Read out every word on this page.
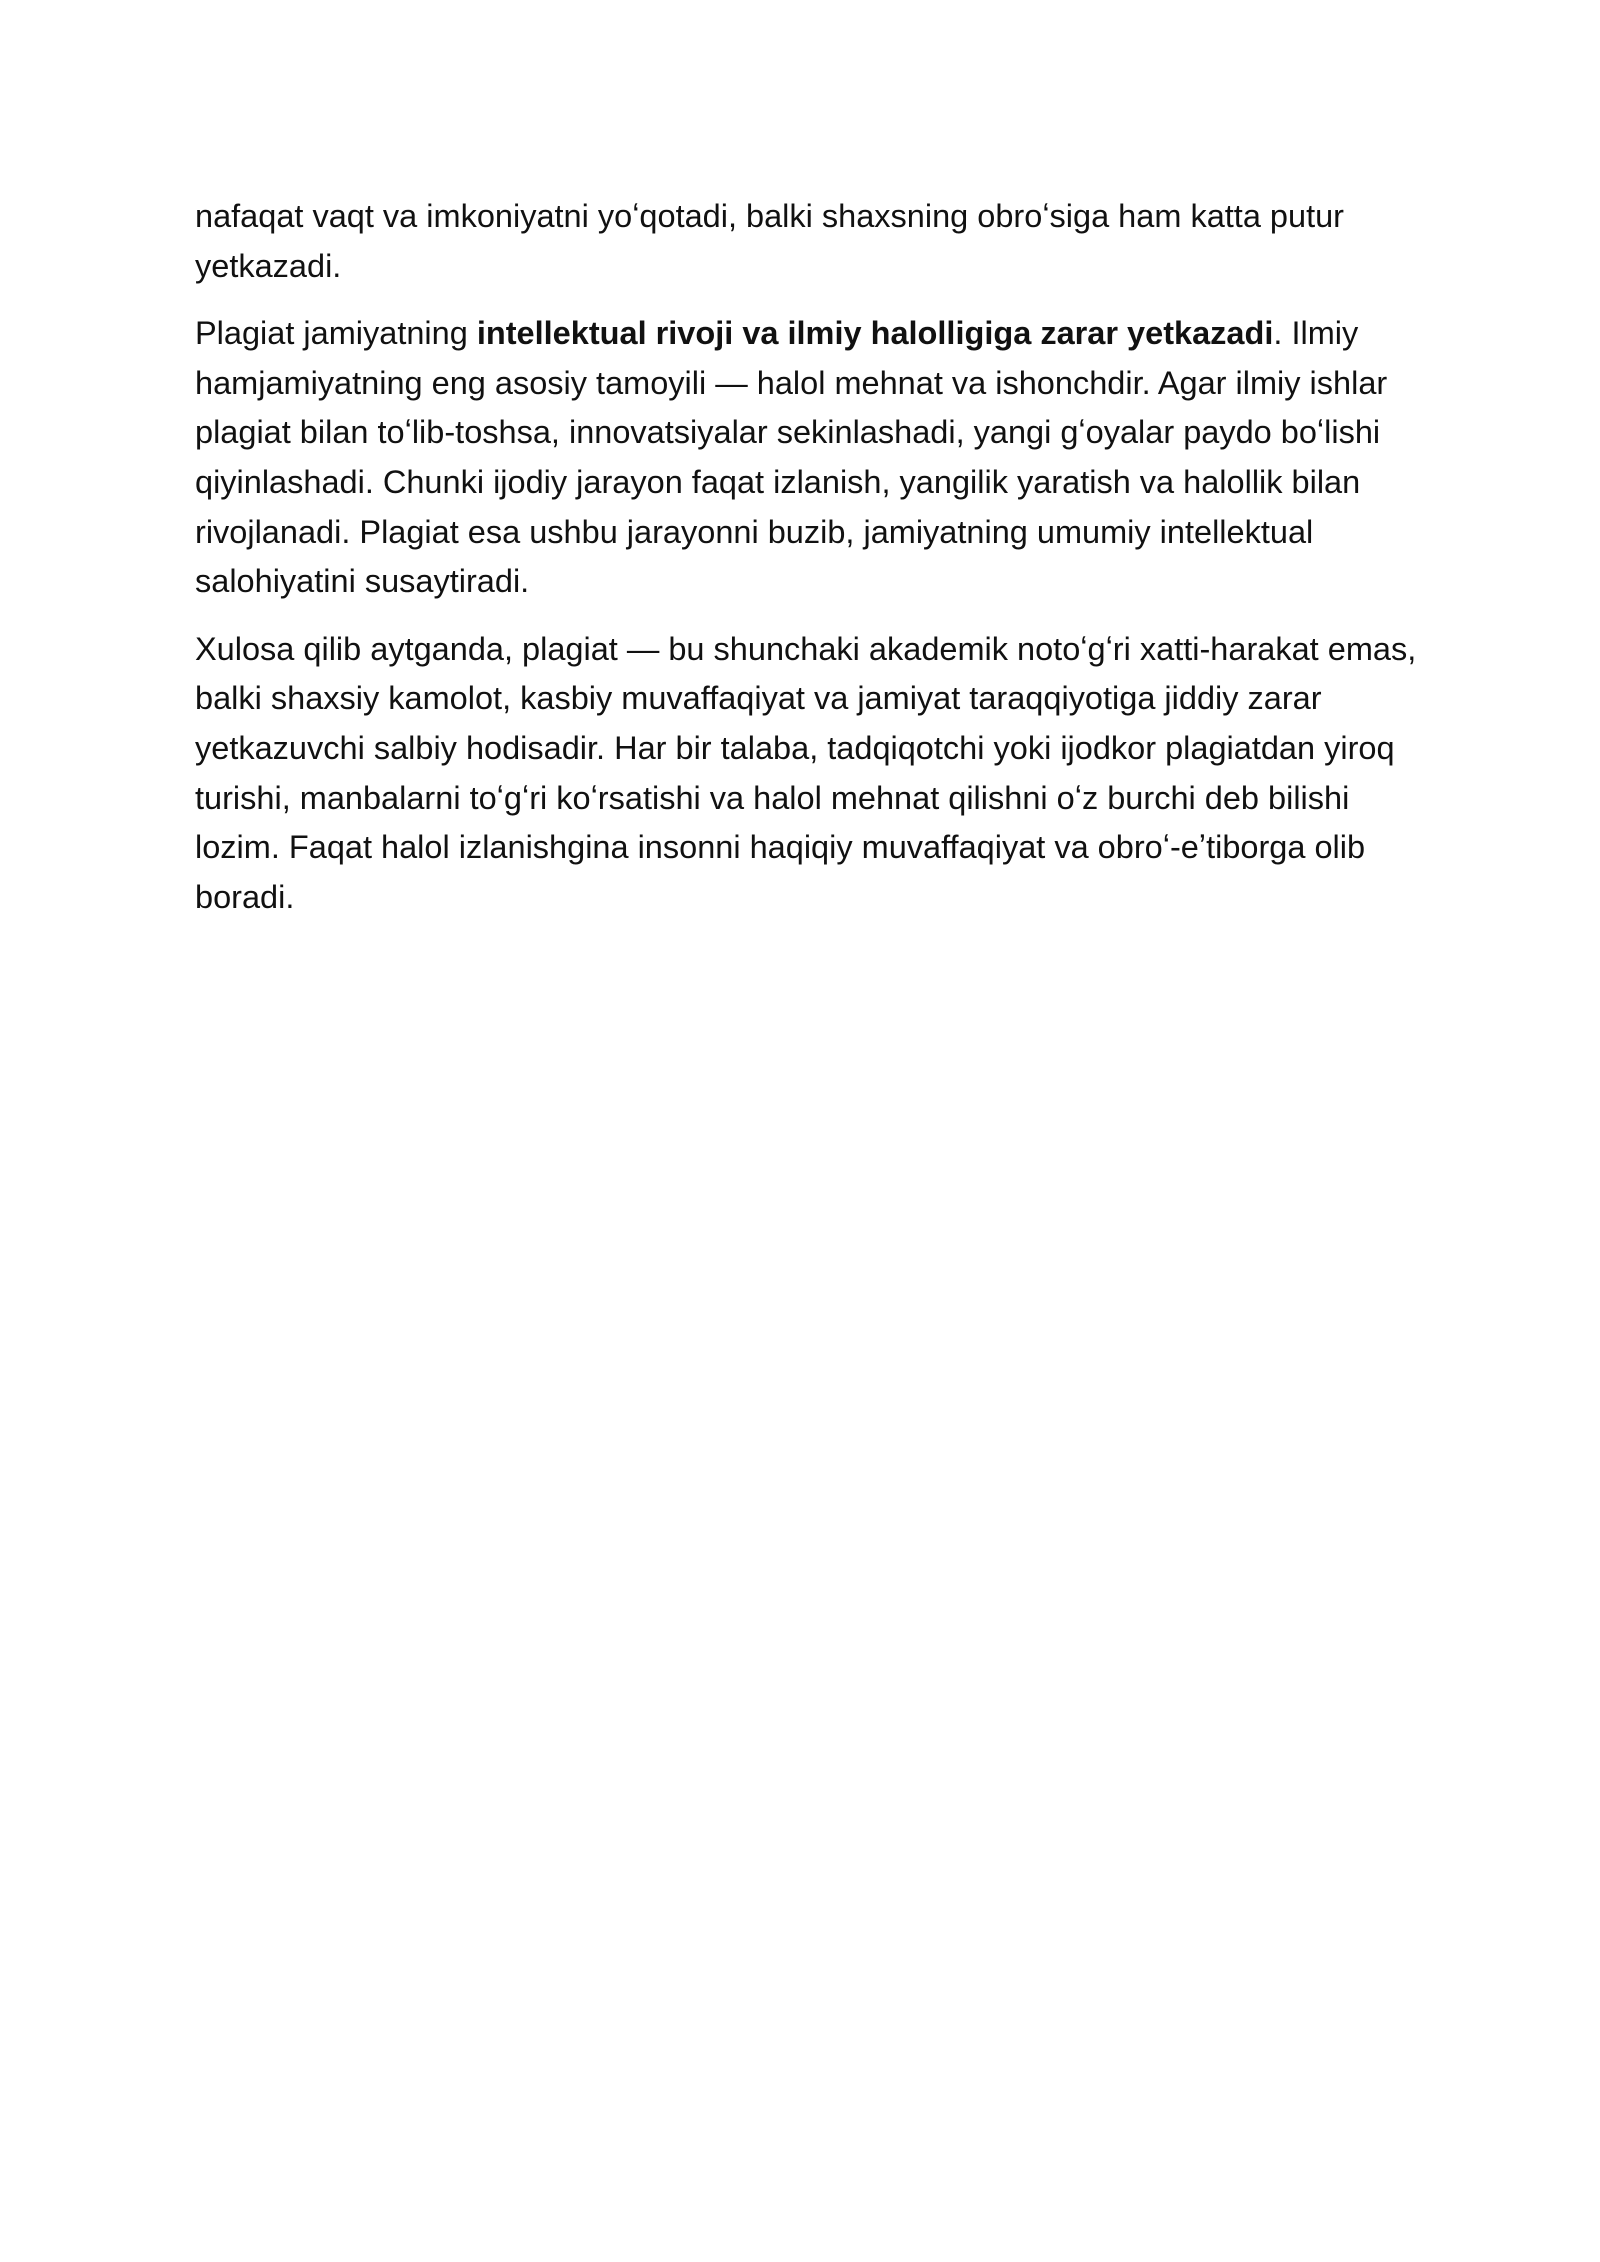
nafaqat vaqt va imkoniyatni yoʻqotadi, balki shaxsning obroʻsiga ham katta putur yetkazadi.

Plagiat jamiyatning intellektual rivoji va ilmiy halolligiga zarar yetkazadi. Ilmiy hamjamiyatning eng asosiy tamoyili — halol mehnat va ishonchdir. Agar ilmiy ishlar plagiat bilan toʻlib-toshsa, innovatsiyalar sekinlashadi, yangi gʻoyalar paydo boʻlishi qiyinlashadi. Chunki ijodiy jarayon faqat izlanish, yangilik yaratish va halollik bilan rivojlanadi. Plagiat esa ushbu jarayonni buzib, jamiyatning umumiy intellektual salohiyatini susaytiradi.

Xulosa qilib aytganda, plagiat — bu shunchaki akademik notoʻgʻri xatti-harakat emas, balki shaxsiy kamolot, kasbiy muvaffaqiyat va jamiyat taraqqiyotiga jiddiy zarar yetkazuvchi salbiy hodisadir. Har bir talaba, tadqiqotchi yoki ijodkor plagiatdan yiroq turishi, manbalarni toʻgʻri koʻrsatishi va halol mehnat qilishni oʻz burchi deb bilishi lozim. Faqat halol izlanishgina insonni haqiqiy muvaffaqiyat va obroʻ-eʼtiborga olib boradi.
